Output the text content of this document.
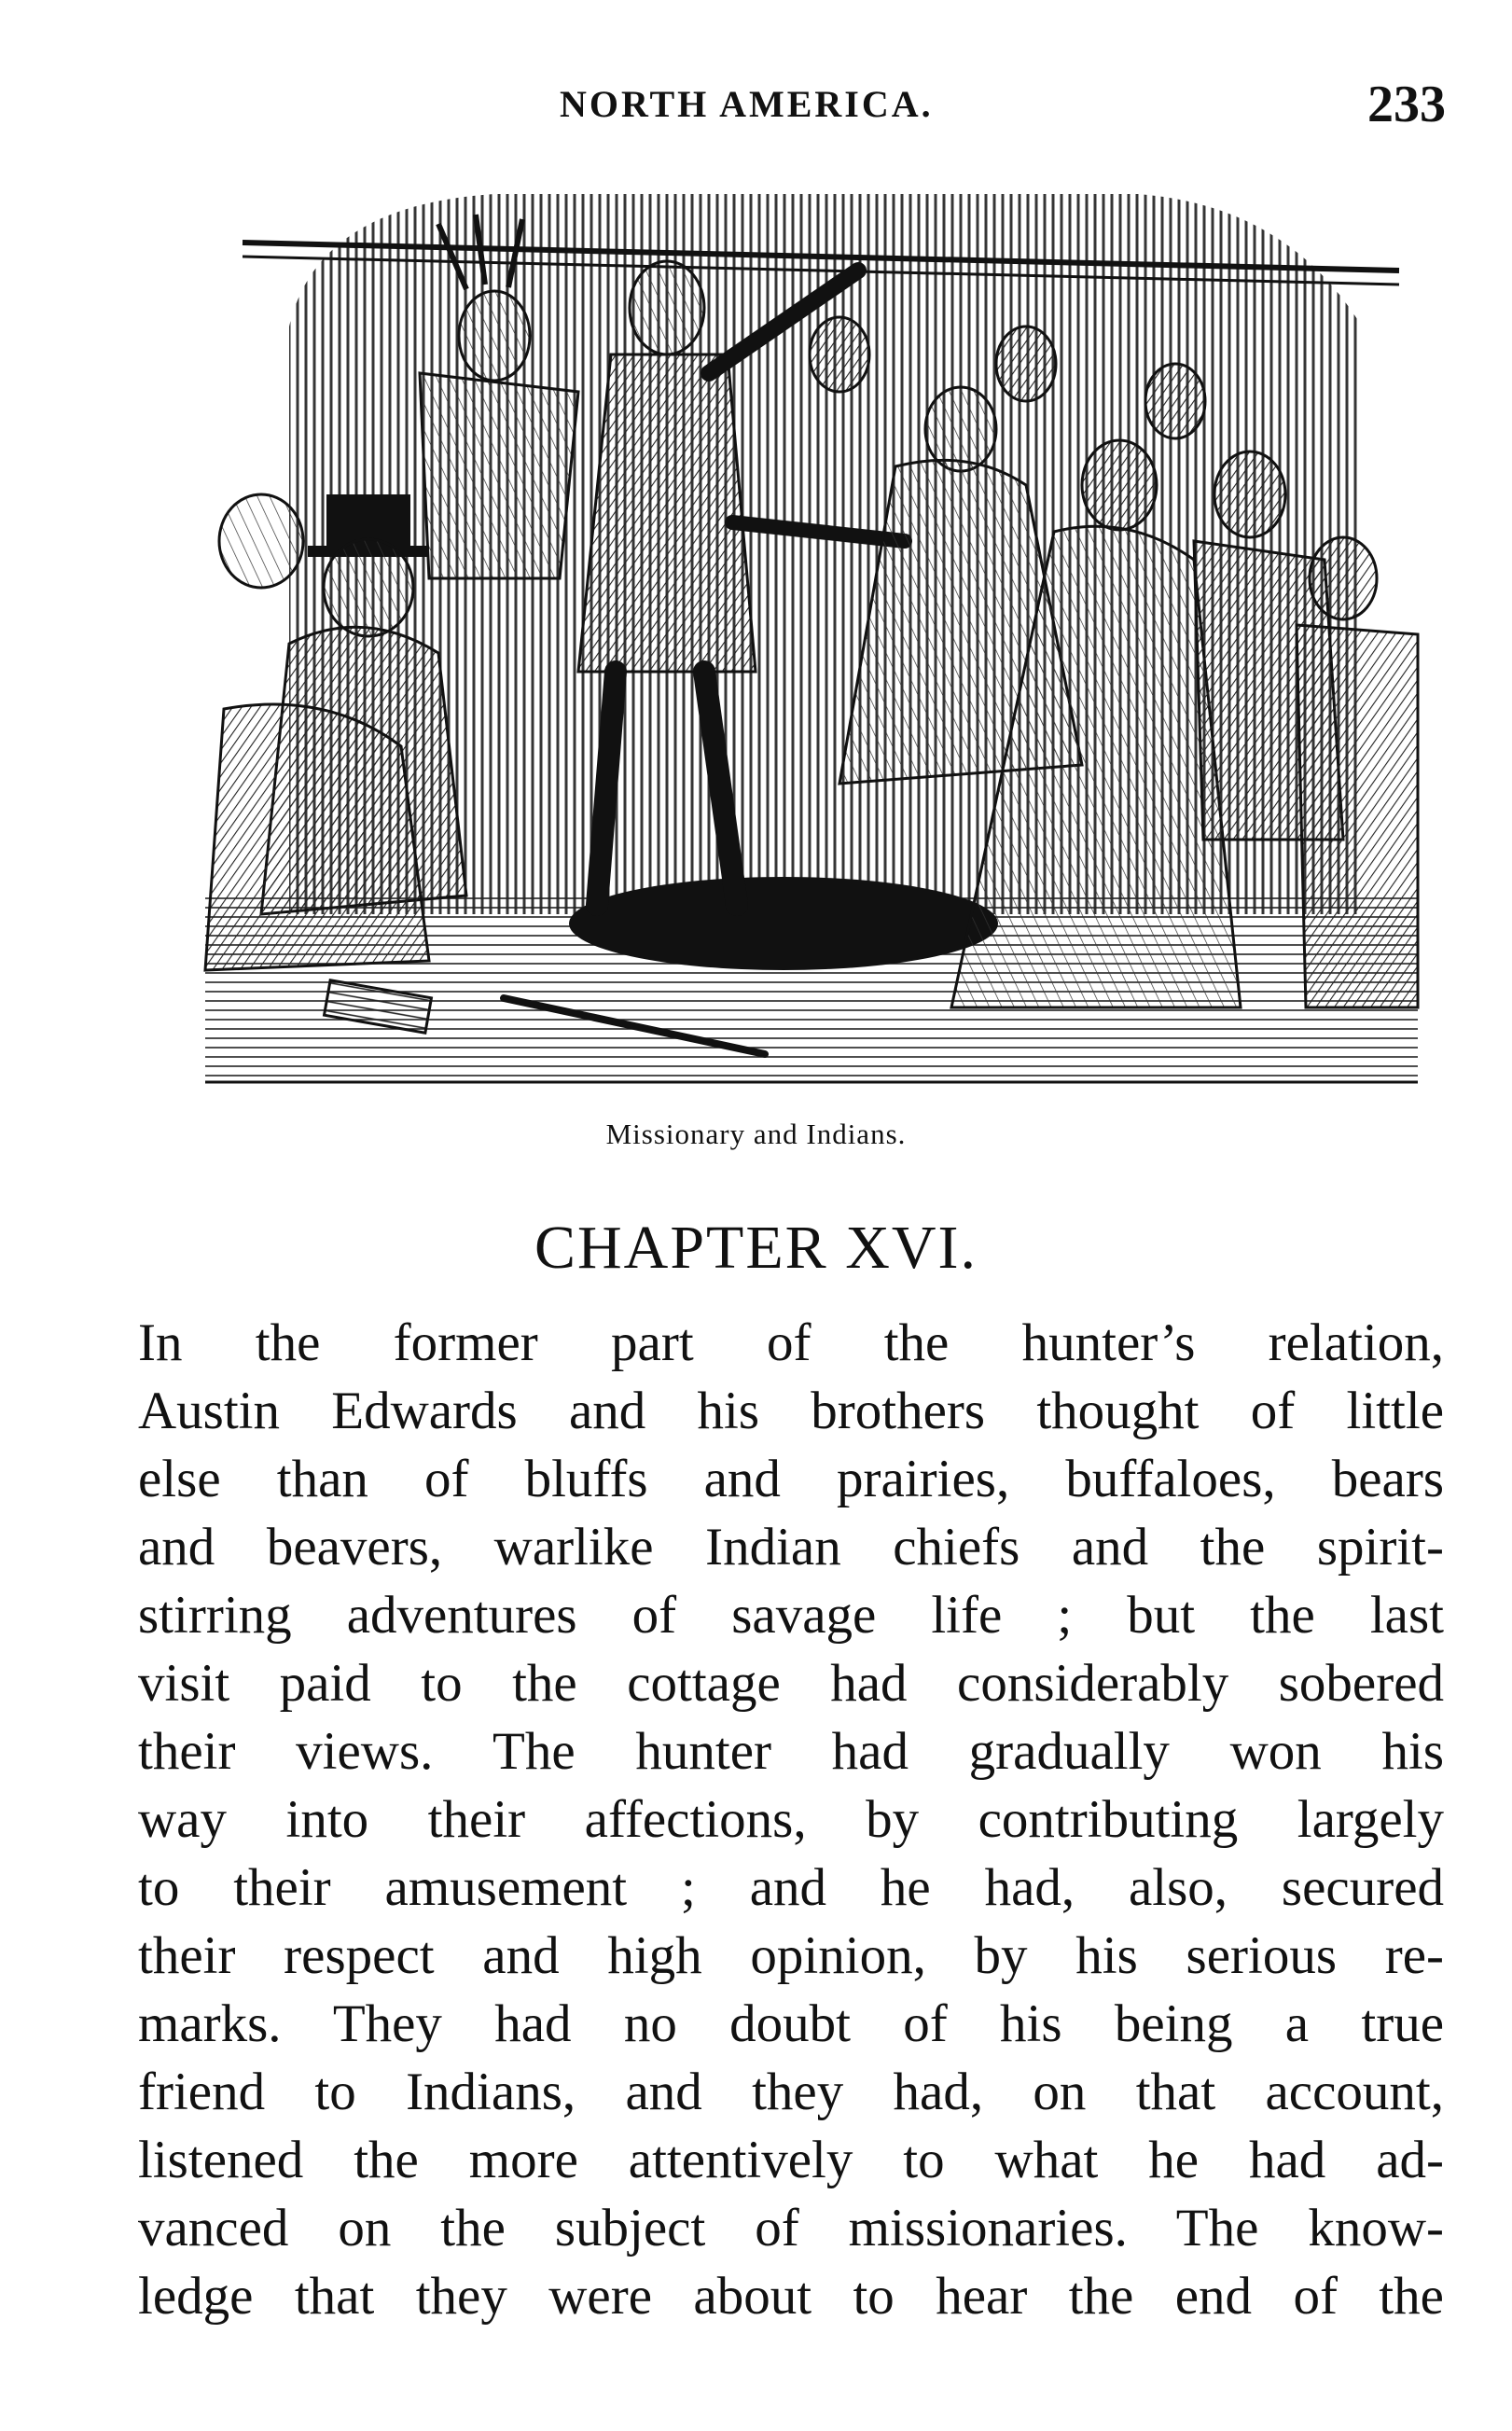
NORTH AMERICA.	233
Missionary and Indians.
CHAPTER XVI.
In the former part of the hunter’s relation,
Austin Edwards and his brothers thought of little
else than of bluffs and prairies, buffaloes, bears
and beavers, warlike Indian chiefs and the spirit-
stirring adventures of savage life ; but the last
visit paid to the cottage had considerably sobered
their views. The hunter had gradually won his
way into their affections, by contributing largely
to their amusement ; and he had, also, secured
their respect and high opinion, by his serious re-
marks. They had no doubt of his being a true
friend to Indians, and they had, on that account,
listened the more attentively to what he had ad-
vanced on the subject of missionaries. The know-
ledge that they were about to hear the end of the
